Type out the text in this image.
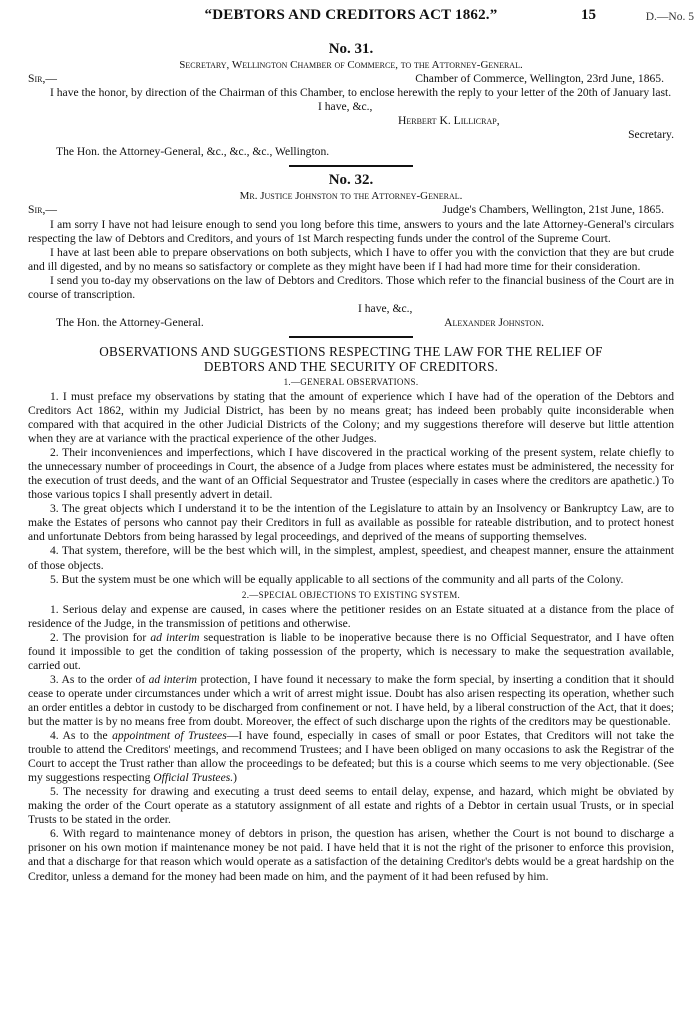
“DEBTORS AND CREDITORS ACT 1862.”	15	D.—No. 5
No. 31.
Secretary, Wellington Chamber of Commerce, to the Attorney-General.
Sir,—	Chamber of Commerce, Wellington, 23rd June, 1865.

I have the honor, by direction of the Chairman of this Chamber, to enclose herewith the reply to your letter of the 20th of January last.

I have, &c.,
Herbert K. Lillicrap,
Secretary.
The Hon. the Attorney-General, &c., &c., &c., Wellington.
No. 32.
Mr. Justice Johnston to the Attorney-General.
Sir,—	Judge's Chambers, Wellington, 21st June, 1865.

I am sorry I have not had leisure enough to send you long before this time, answers to yours and the late Attorney-General's circulars respecting the law of Debtors and Creditors, and yours of 1st March respecting funds under the control of the Supreme Court.

I have at last been able to prepare observations on both subjects, which I have to offer you with the conviction that they are but crude and ill digested, and by no means so satisfactory or complete as they might have been if I had had more time for their consideration.

I send you to-day my observations on the law of Debtors and Creditors. Those which refer to the financial business of the Court are in course of transcription.

I have, &c.,
The Hon. the Attorney-General.	Alexander Johnston.
OBSERVATIONS AND SUGGESTIONS RESPECTING THE LAW FOR THE RELIEF OF
DEBTORS AND THE SECURITY OF CREDITORS.
1.—GENERAL OBSERVATIONS.

1. I must preface my observations by stating that the amount of experience which I have had of the operation of the Debtors and Creditors Act 1862, within my Judicial District, has been by no means great; has indeed been probably quite inconsiderable when compared with that acquired in the other Judicial Districts of the Colony; and my suggestions therefore will deserve but little attention when they are at variance with the practical experience of the other Judges.

2. Their inconveniences and imperfections, which I have discovered in the practical working of the present system, relate chiefly to the unnecessary number of proceedings in Court, the absence of a Judge from places where estates must be administered, the necessity for the execution of trust deeds, and the want of an Official Sequestrator and Trustee (especially in cases where the creditors are apathetic.) To those various topics I shall presently advert in detail.

3. The great objects which I understand it to be the intention of the Legislature to attain by an Insolvency or Bankruptcy Law, are to make the Estates of persons who cannot pay their Creditors in full as available as possible for rateable distribution, and to protect honest and unfortunate Debtors from being harassed by legal proceedings, and deprived of the means of supporting themselves.

4. That system, therefore, will be the best which will, in the simplest, amplest, speediest, and cheapest manner, ensure the attainment of those objects.

5. But the system must be one which will be equally applicable to all sections of the community and all parts of the Colony.

2.—SPECIAL OBJECTIONS TO EXISTING SYSTEM.

1. Serious delay and expense are caused, in cases where the petitioner resides on an Estate situated at a distance from the place of residence of the Judge, in the transmission of petitions and otherwise.

2. The provision for ad interim sequestration is liable to be inoperative because there is no Official Sequestrator, and I have often found it impossible to get the condition of taking possession of the property, which is necessary to make the sequestration available, carried out.

3. As to the order of ad interim protection, I have found it necessary to make the form special, by inserting a condition that it should cease to operate under circumstances under which a writ of arrest might issue. Doubt has also arisen respecting its operation, whether such an order entitles a debtor in custody to be discharged from confinement or not. I have held, by a liberal construction of the Act, that it does; but the matter is by no means free from doubt. Moreover, the effect of such discharge upon the rights of the creditors may be questionable.

4. As to the appointment of Trustees—I have found, especially in cases of small or poor Estates, that Creditors will not take the trouble to attend the Creditors' meetings, and recommend Trustees; and I have been obliged on many occasions to ask the Registrar of the Court to accept the Trust rather than allow the proceedings to be defeated; but this is a course which seems to me very objectionable. (See my suggestions respecting Official Trustees.)

5. The necessity for drawing and executing a trust deed seems to entail delay, expense, and hazard, which might be obviated by making the order of the Court operate as a statutory assignment of all estate and rights of a Debtor in certain usual Trusts, or in special Trusts to be stated in the order.

6. With regard to maintenance money of debtors in prison, the question has arisen, whether the Court is not bound to discharge a prisoner on his own motion if maintenance money be not paid. I have held that it is not the right of the prisoner to enforce this provision, and that a discharge for that reason which would operate as a satisfaction of the detaining Creditor's debts would be a great hardship on the Creditor, unless a demand for the money had been made on him, and the payment of it had been refused by him.
